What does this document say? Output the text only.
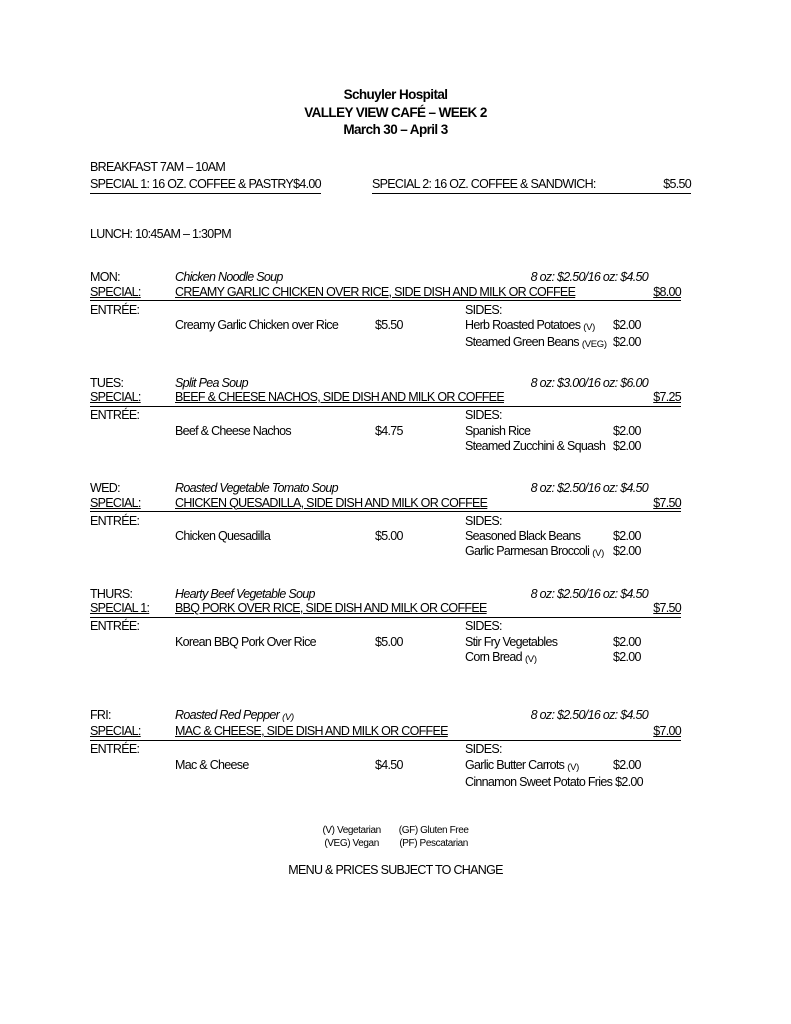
Schuyler Hospital
VALLEY VIEW CAFÉ – WEEK 2
March 30 – April 3
BREAKFAST 7AM – 10AM
SPECIAL 1: 16 OZ. COFFEE & PASTRY $4.00	SPECIAL 2: 16 OZ. COFFEE & SANDWICH:	$5.50
LUNCH: 10:45AM – 1:30PM
MON:	Chicken Noodle Soup	8 oz: $2.50/16 oz: $4.50
SPECIAL:	CREAMY GARLIC CHICKEN OVER RICE, SIDE DISH AND MILK OR COFFEE	$8.00
ENTRÉE:	SIDES:
Creamy Garlic Chicken over Rice	$5.50	Herb Roasted Potatoes (V) $2.00
Steamed Green Beans (VEG) $2.00
TUES:	Split Pea Soup	8 oz: $3.00/16 oz: $6.00
SPECIAL:	BEEF & CHEESE NACHOS, SIDE DISH AND MILK OR COFFEE	$7.25
ENTRÉE:	SIDES:
Beef & Cheese Nachos	$4.75	Spanish Rice	$2.00
Steamed Zucchini & Squash $2.00
WED:	Roasted Vegetable Tomato Soup	8 oz: $2.50/16 oz: $4.50
SPECIAL:	CHICKEN QUESADILLA, SIDE DISH AND MILK OR COFFEE	$7.50
ENTRÉE:	SIDES:
Chicken Quesadilla	$5.00	Seasoned Black Beans	$2.00
Garlic Parmesan Broccoli (V) $2.00
THURS:	Hearty Beef Vegetable Soup	8 oz: $2.50/16 oz: $4.50
SPECIAL 1:	BBQ PORK OVER RICE, SIDE DISH AND MILK OR COFFEE	$7.50
ENTRÉE:	SIDES:
Korean BBQ Pork Over Rice	$5.00	Stir Fry Vegetables	$2.00
Corn Bread (V)	$2.00
FRI:	Roasted Red Pepper (V)	8 oz: $2.50/16 oz: $4.50
SPECIAL:	MAC & CHEESE, SIDE DISH AND MILK OR COFFEE	$7.00
ENTRÉE:	SIDES:
Mac & Cheese	$4.50	Garlic Butter Carrots (V)	$2.00
Cinnamon Sweet Potato Fries $2.00
(V) Vegetarian
(VEG) Vegan
(GF) Gluten Free
(PF) Pescatarian
MENU & PRICES SUBJECT TO CHANGE
